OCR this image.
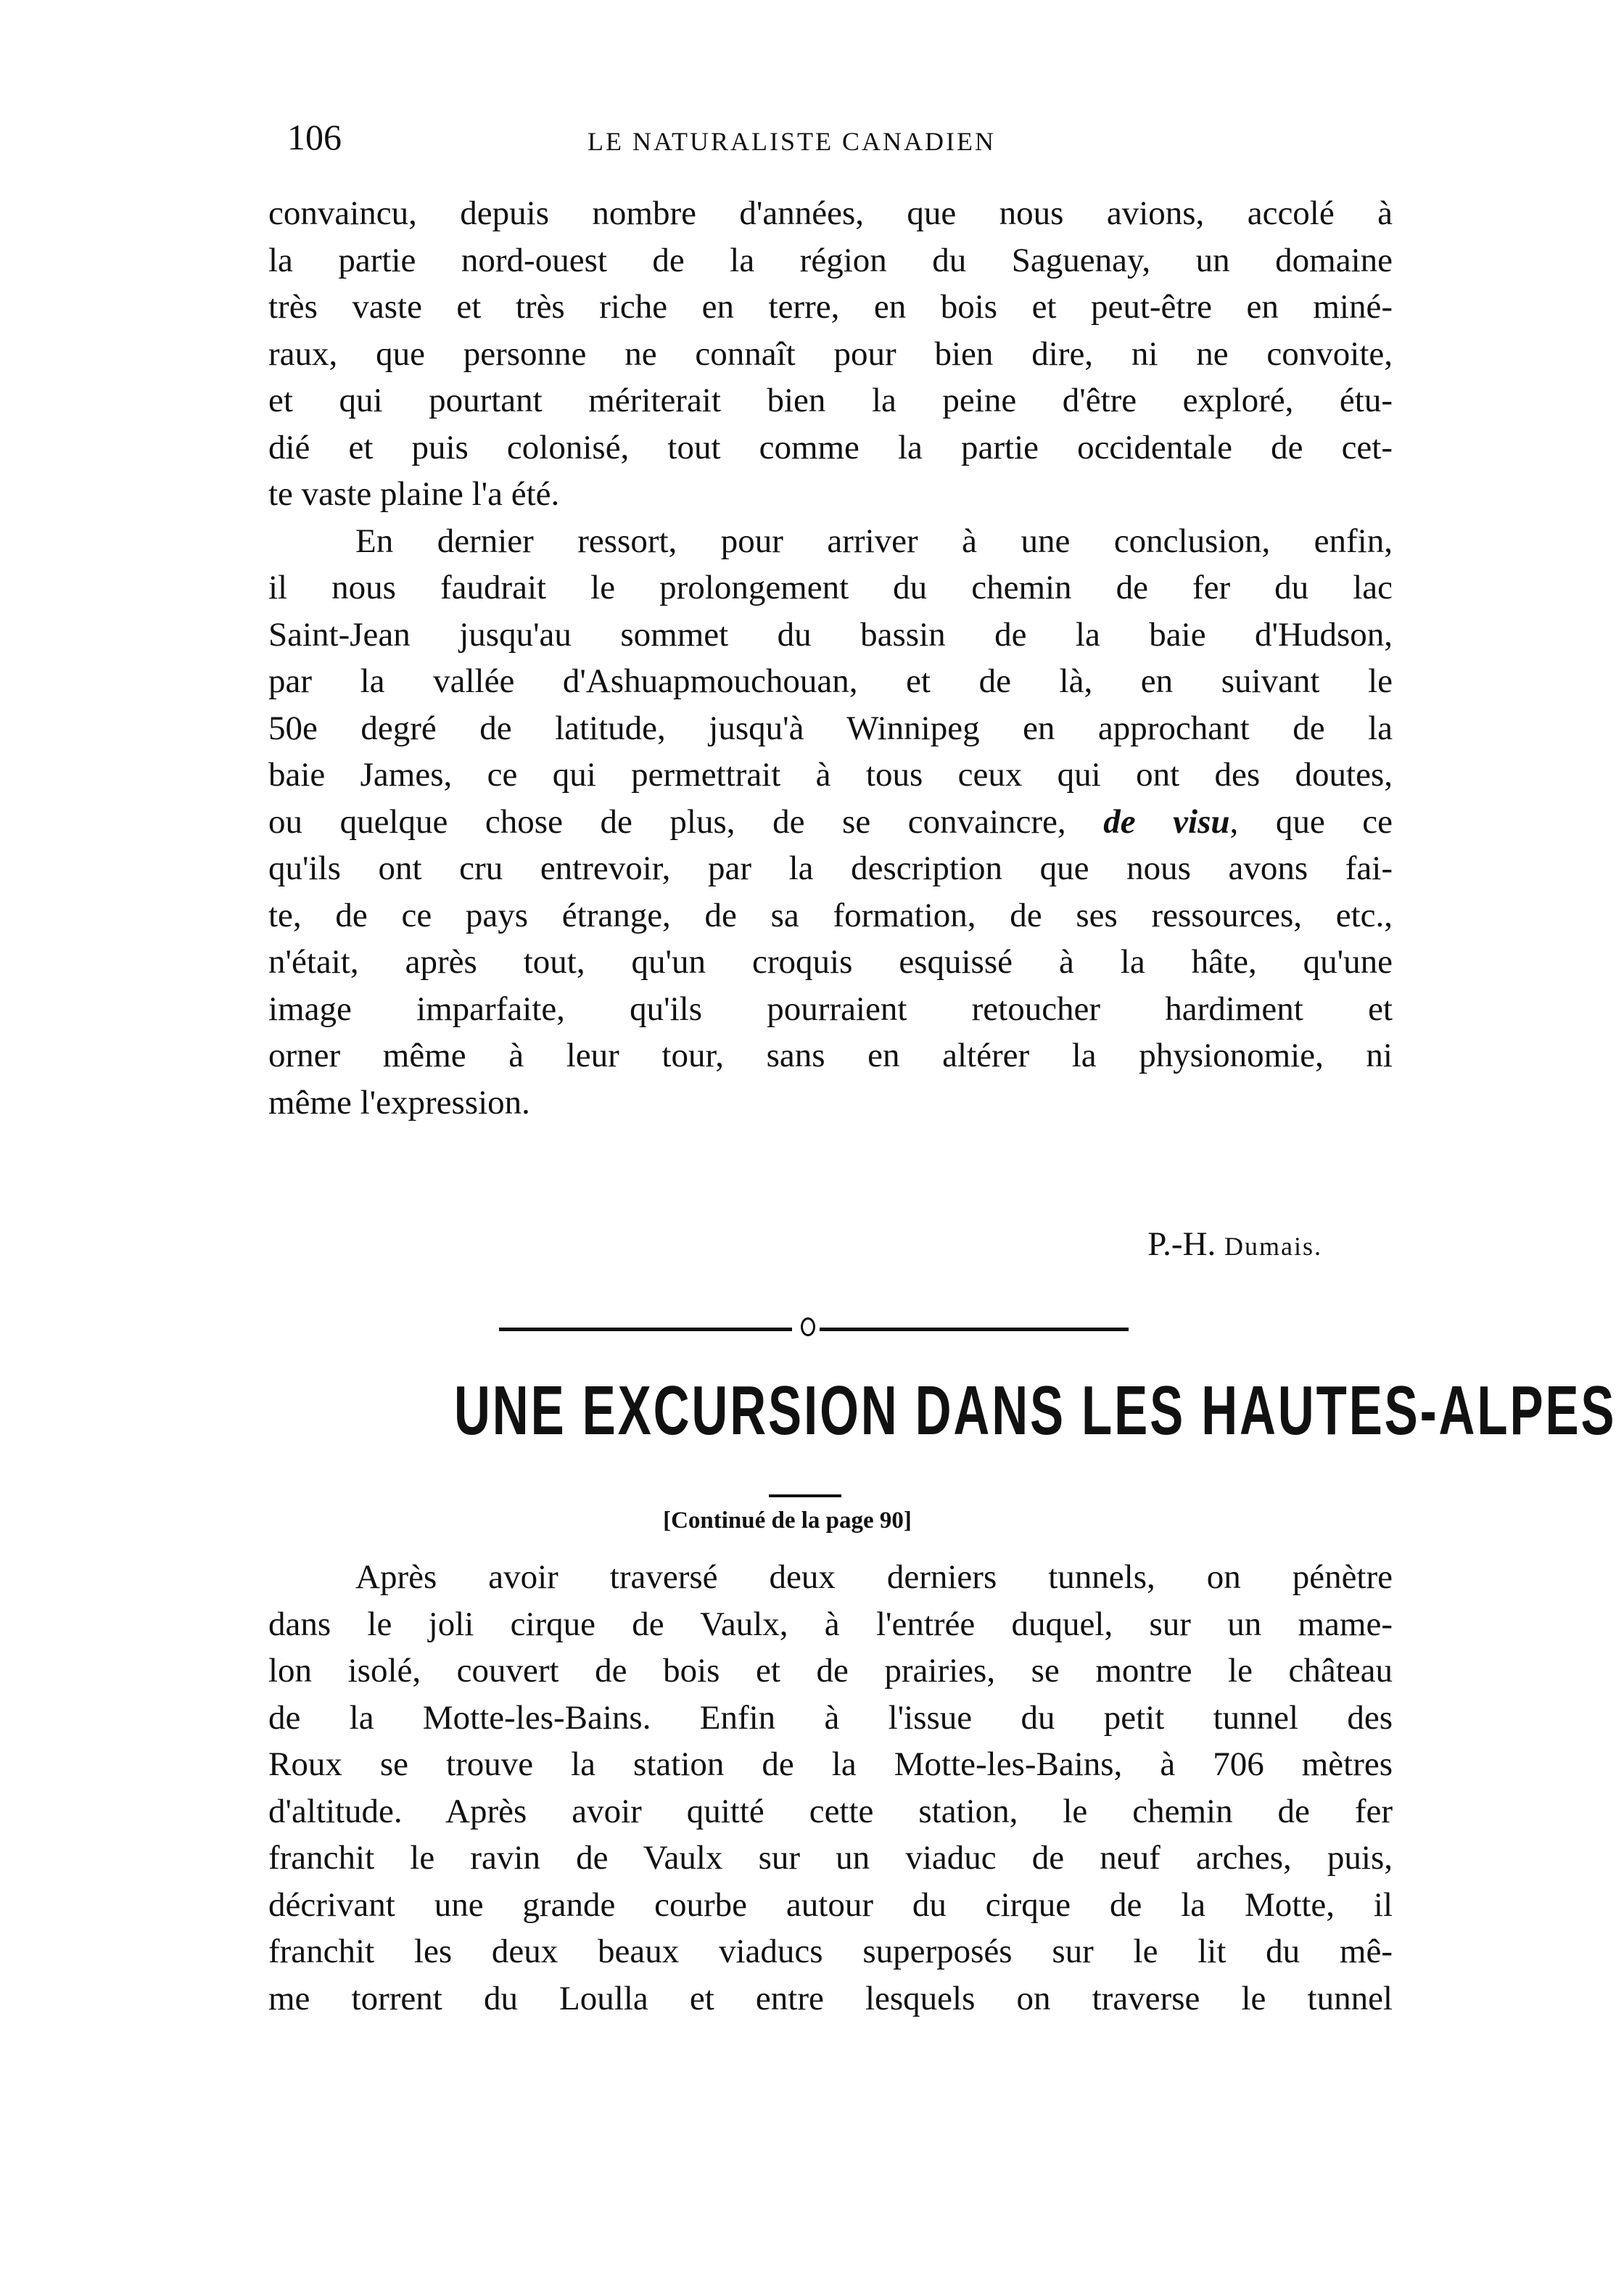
106	LE NATURALISTE CANADIEN
convaincu, depuis nombre d'années, que nous avions, accolé à
la partie nord-ouest de la région du Saguenay, un domaine
très vaste et très riche en terre, en bois et peut-être en miné-
raux, que personne ne connaît pour bien dire, ni ne convoite,
et qui pourtant mériterait bien la peine d'être exploré, étu-
dié et puis colonisé, tout comme la partie occidentale de cet-
te vaste plaine l'a été.
En dernier ressort, pour arriver à une conclusion, enfin,
il nous faudrait le prolongement du chemin de fer du lac
Saint-Jean jusqu'au sommet du bassin de la baie d'Hudson,
par la vallée d'Ashuapmouchouan, et de là, en suivant le
50e degré de latitude, jusqu'à Winnipeg en approchant de la
baie James, ce qui permettrait à tous ceux qui ont des doutes,
ou quelque chose de plus, de se convaincre, de visu, que ce
qu'ils ont cru entrevoir, par la description que nous avons fai-
te, de ce pays étrange, de sa formation, de ses ressources, etc.,
n'était, après tout, qu'un croquis esquissé à la hâte, qu'une
image imparfaite, qu'ils pourraient retoucher hardiment et
orner même à leur tour, sans en altérer la physionomie, ni
même l'expression.
P.-H. Dumais.
UNE EXCURSION DANS LES HAUTES-ALPES
[Continué de la page 90]
Après avoir traversé deux derniers tunnels, on pénètre
dans le joli cirque de Vaulx, à l'entrée duquel, sur un mame-
lon isolé, couvert de bois et de prairies, se montre le château
de la Motte-les-Bains. Enfin à l'issue du petit tunnel des
Roux se trouve la station de la Motte-les-Bains, à 706 mètres
d'altitude. Après avoir quitté cette station, le chemin de fer
franchit le ravin de Vaulx sur un viaduc de neuf arches, puis,
décrivant une grande courbe autour du cirque de la Motte, il
franchit les deux beaux viaducs superposés sur le lit du mê-
me torrent du Loulla et entre lesquels on traverse le tunnel
